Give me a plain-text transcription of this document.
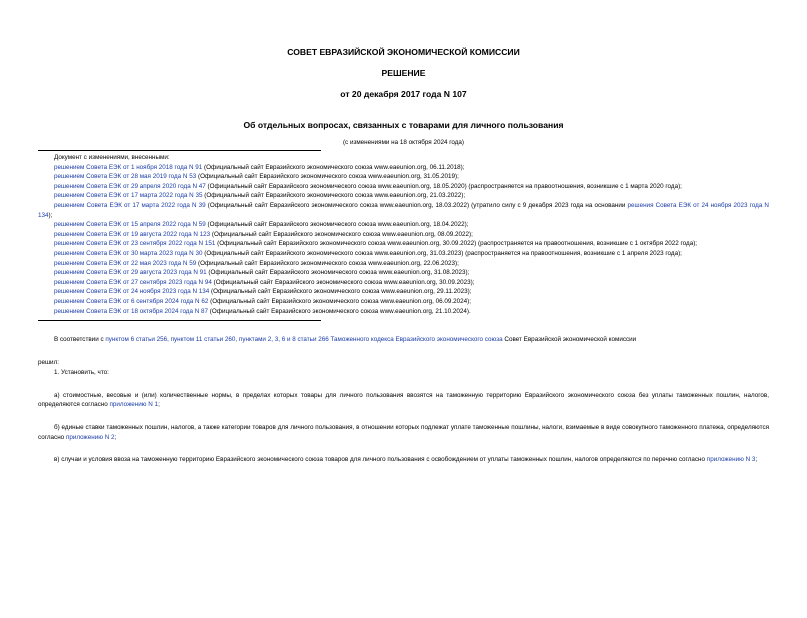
СОВЕТ ЕВРАЗИЙСКОЙ ЭКОНОМИЧЕСКОЙ КОМИССИИ
РЕШЕНИЕ
от 20 декабря 2017 года N 107
Об отдельных вопросах, связанных с товарами для личного пользования
(с изменениями на 18 октября 2024 года)

Документ с изменениями, внесенными:

решением Совета ЕЭК от 1 ноября 2018 года N 91 (Официальный сайт Евразийского экономического союза www.eaeunion.org, 06.11.2018);

решением Совета ЕЭК от 28 мая 2019 года N 53 (Официальный сайт Евразийского экономического союза www.eaeunion.org, 31.05.2019);

решением Совета ЕЭК от 29 апреля 2020 года N 47 (Официальный сайт Евразийского экономического союза www.eaeunion.org, 18.05.2020) (распространяется на правоотношения, возникшие с 1 марта 2020 года);

решением Совета ЕЭК от 17 марта 2022 года N 35 (Официальный сайт Евразийского экономического союза www.eaeunion.org, 21.03.2022);

решением Совета ЕЭК от 17 марта 2022 года N 39 (Официальный сайт Евразийского экономического союза www.eaeunion.org, 18.03.2022) (утратило силу с 9 декабря 2023 года на основании решения Совета ЕЭК от 24 ноября 2023 года N 134);

решением Совета ЕЭК от 15 апреля 2022 года N 59 (Официальный сайт Евразийского экономического союза www.eaeunion.org, 18.04.2022);

решением Совета ЕЭК от 19 августа 2022 года N 123 (Официальный сайт Евразийского экономического союза www.eaeunion.org, 08.09.2022);

решением Совета ЕЭК от 23 сентября 2022 года N 151 (Официальный сайт Евразийского экономического союза www.eaeunion.org, 30.09.2022) (распространяется на правоотношения, возникшие с 1 октября 2022 года);

решением Совета ЕЭК от 30 марта 2023 года N 30 (Официальный сайт Евразийского экономического союза www.eaeunion.org, 31.03.2023) (распространяется на правоотношения, возникшие с 1 апреля 2023 года);

решением Совета ЕЭК от 22 мая 2023 года N 59 (Официальный сайт Евразийского экономического союза www.eaeunion.org, 22.06.2023);

решением Совета ЕЭК от 29 августа 2023 года N 91 (Официальный сайт Евразийского экономического союза www.eaeunion.org, 31.08.2023);

решением Совета ЕЭК от 27 сентября 2023 года N 94 (Официальный сайт Евразийского экономического союза www.eaeunion.org, 30.09.2023);

решением Совета ЕЭК от 24 ноября 2023 года N 134 (Официальный сайт Евразийского экономического союза www.eaeunion.org, 29.11.2023);

решением Совета ЕЭК от 6 сентября 2024 года N 62 (Официальный сайт Евразийского экономического союза www.eaeunion.org, 06.09.2024);

решением Совета ЕЭК от 18 октября 2024 года N 87 (Официальный сайт Евразийского экономического союза www.eaeunion.org, 21.10.2024).

В соответствии с пунктом 6 статьи 256, пунктом 11 статьи 260, пунктами 2, 3, 6 и 8 статьи 266 Таможенного кодекса Евразийского экономического союза Совет Евразийской экономической комиссии

решил:

1. Установить, что:

а) стоимостные, весовые и (или) количественные нормы, в пределах которых товары для личного пользования ввозятся на таможенную территорию Евразийского экономического союза без уплаты таможенных пошлин, налогов, определяются согласно приложению N 1;

б) единые ставки таможенных пошлин, налогов, а также категории товаров для личного пользования, в отношении которых подлежат уплате таможенные пошлины, налоги, взимаемые в виде совокупного таможенного платежа, определяются согласно приложению N 2;

в) случаи и условия ввоза на таможенную территорию Евразийского экономического союза товаров для личного пользования с освобождением от уплаты таможенных пошлин, налогов определяются по перечню согласно приложению N 3;
